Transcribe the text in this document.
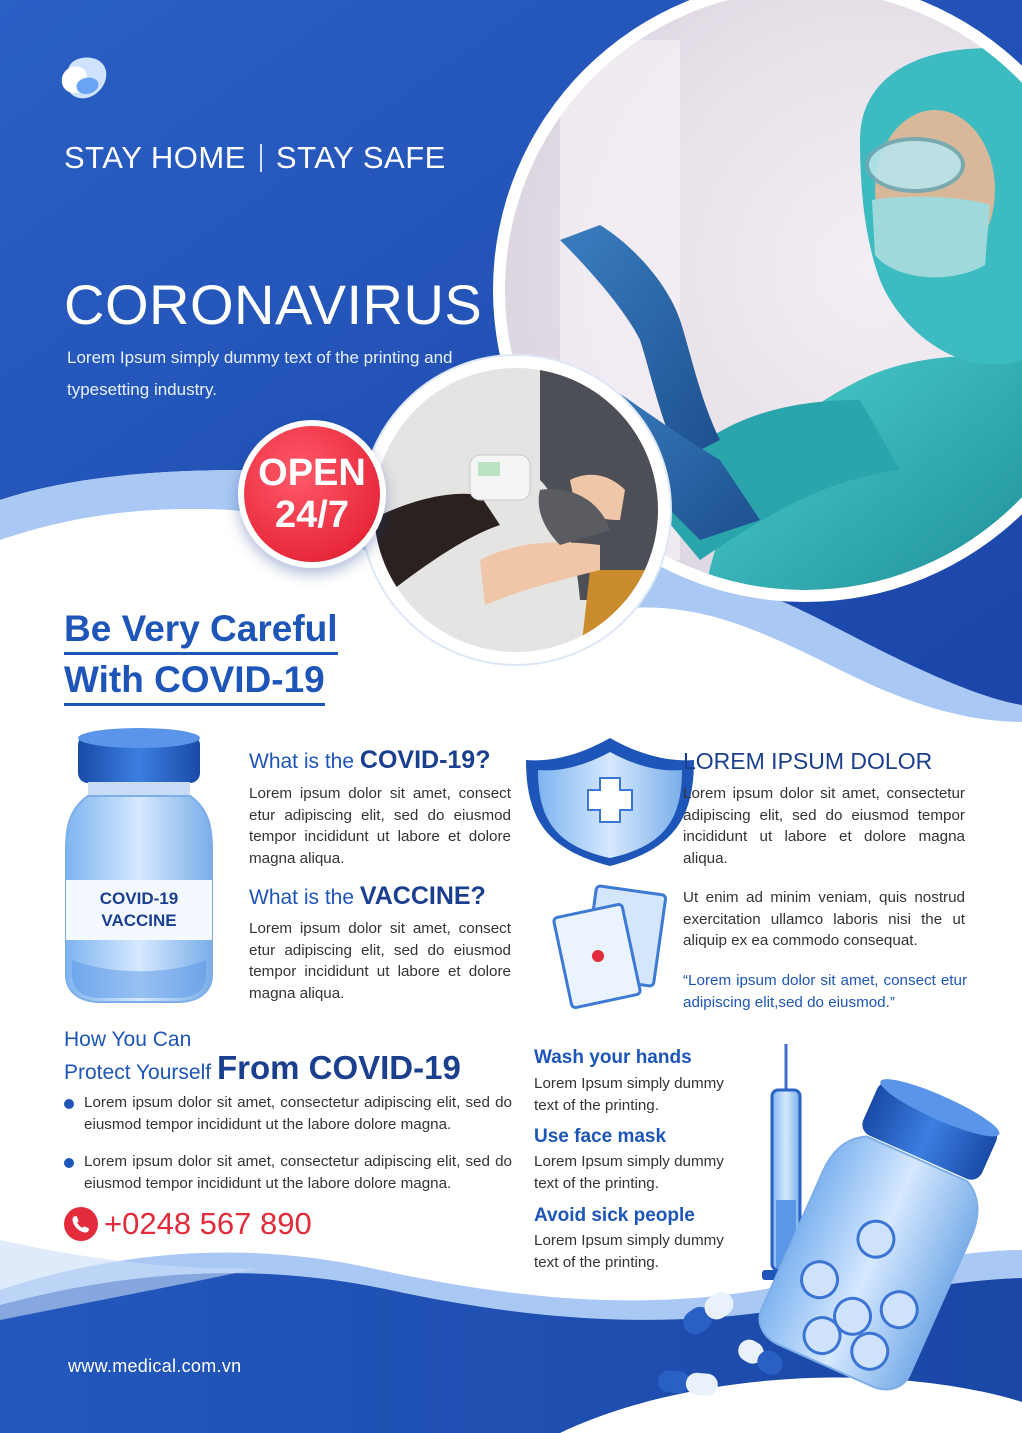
STAY HOME STAY SAFE
CORONAVIRUS
Lorem Ipsum simply dummy text of the printing and typesetting industry.
OPEN
24/7
Be Very Careful
With COVID-19
COVID-19
VACCINE
What is the COVID-19?
Lorem ipsum dolor sit amet, consect etur adipiscing elit, sed do eiusmod tempor incididunt ut labore et dolore magna aliqua.
What is the VACCINE?
Lorem ipsum dolor sit amet, consect etur adipiscing elit, sed do eiusmod tempor incididunt ut labore et dolore magna aliqua.
LOREM IPSUM DOLOR
Lorem ipsum dolor sit amet, consectetur adipiscing elit, sed do eiusmod tempor incididunt ut labore et dolore magna aliqua.
Ut enim ad minim veniam, quis nostrud exercitation ullamco laboris nisi the ut aliquip ex ea commodo consequat.
“Lorem ipsum dolor sit amet, consect etur adipiscing elit,sed do eiusmod.”
How You Can
Protect Yourself From COVID-19
Lorem ipsum dolor sit amet, consectetur adipiscing elit, sed do eiusmod tempor incididunt ut the labore dolore magna.
Lorem ipsum dolor sit amet, consectetur adipiscing elit, sed do eiusmod tempor incididunt ut the labore dolore magna.
+0248 567 890
Wash your hands
Lorem Ipsum simply dummy text of the printing.
Use face mask
Lorem Ipsum simply dummy text of the printing.
Avoid sick people
Lorem Ipsum simply dummy text of the printing.
www.medical.com.vn
